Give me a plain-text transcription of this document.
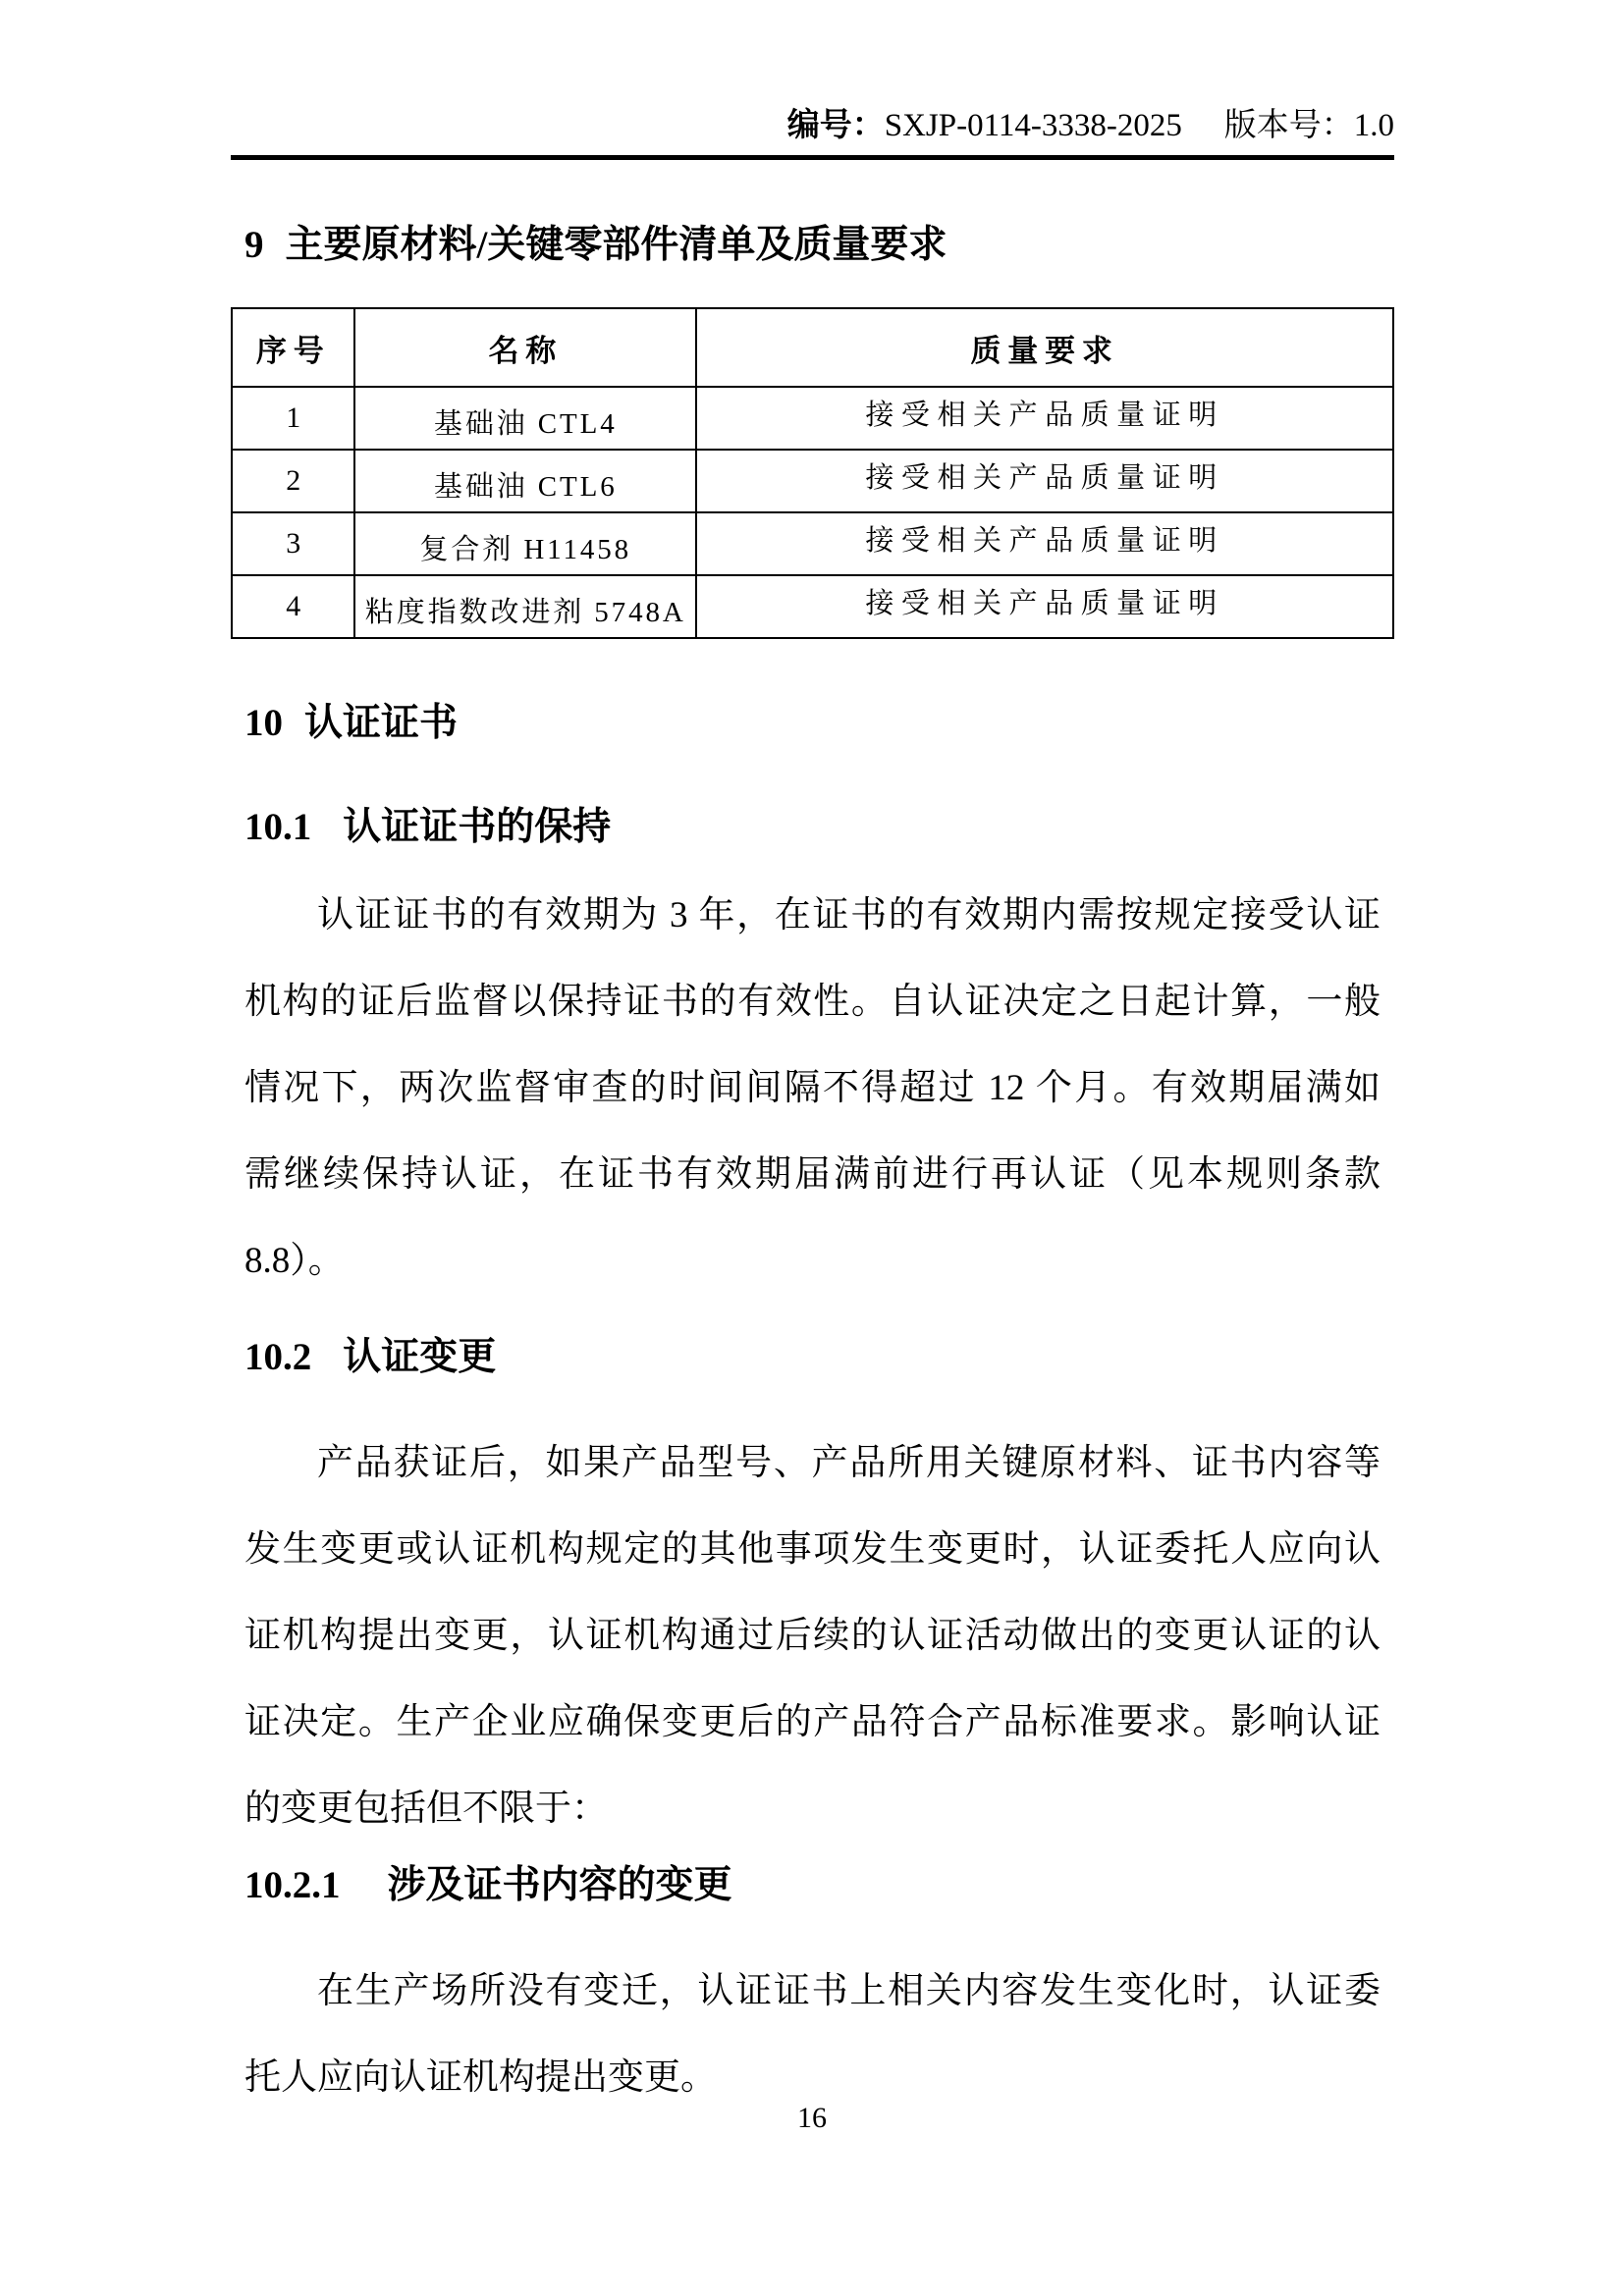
编号：SXJP-0114-3338-2025 版本号：1.0
9 主要原材料/关键零部件清单及质量要求
序号	名称	质量要求
1	基础油 CTL4	接受相关产品质量证明
2	基础油 CTL6	接受相关产品质量证明
3	复合剂 H11458	接受相关产品质量证明
4	粘度指数改进剂 5748A	接受相关产品质量证明
10 认证证书
10.1 认证证书的保持
认证证书的有效期为 3 年，在证书的有效期内需按规定接受认证
机构的证后监督以保持证书的有效性。自认证决定之日起计算，一般
情况下，两次监督审查的时间间隔不得超过 12 个月。有效期届满如
需继续保持认证，在证书有效期届满前进行再认证（见本规则条款
8.8）。
10.2 认证变更
产品获证后，如果产品型号、产品所用关键原材料、证书内容等
发生变更或认证机构规定的其他事项发生变更时，认证委托人应向认
证机构提出变更，认证机构通过后续的认证活动做出的变更认证的认
证决定。生产企业应确保变更后的产品符合产品标准要求。影响认证
的变更包括但不限于：
10.2.1 涉及证书内容的变更
在生产场所没有变迁，认证证书上相关内容发生变化时，认证委
托人应向认证机构提出变更。
16
